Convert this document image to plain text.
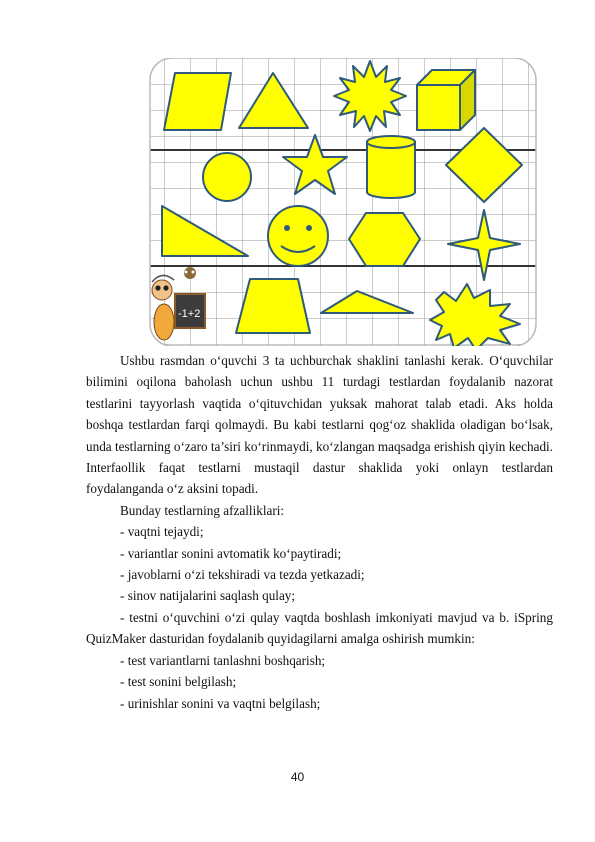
-1+2

Ushbu rasmdan o‘quvchi 3 ta uchburchak shaklini tanlashi kerak. O‘quvchilar bilimini oqilona baholash uchun ushbu 11 turdagi testlardan foydalanib nazorat testlarini tayyorlash vaqtida o‘qituvchidan yuksak mahorat talab etadi. Aks holda boshqa testlardan farqi qolmaydi. Bu kabi testlarni qog‘oz shaklida oladigan bo‘lsak, unda testlarning o‘zaro ta’siri ko‘rinmaydi, ko‘zlangan maqsadga erishish qiyin kechadi. Interfaollik faqat testlarni mustaqil dastur shaklida yoki onlayn testlardan foydalanganda o‘z aksini topadi.

Bunday testlarning afzalliklari:

- vaqtni tejaydi;

- variantlar sonini avtomatik ko‘paytiradi;

- javoblarni o‘zi tekshiradi va tezda yetkazadi;

- sinov natijalarini saqlash qulay;

- testni o‘quvchini o‘zi qulay vaqtda boshlash imkoniyati mavjud va b. iSpring QuizMaker dasturidan foydalanib quyidagilarni amalga oshirish mumkin:

- test variantlarni tanlashni boshqarish;

- test sonini belgilash;

- urinishlar sonini va vaqtni belgilash;

40
